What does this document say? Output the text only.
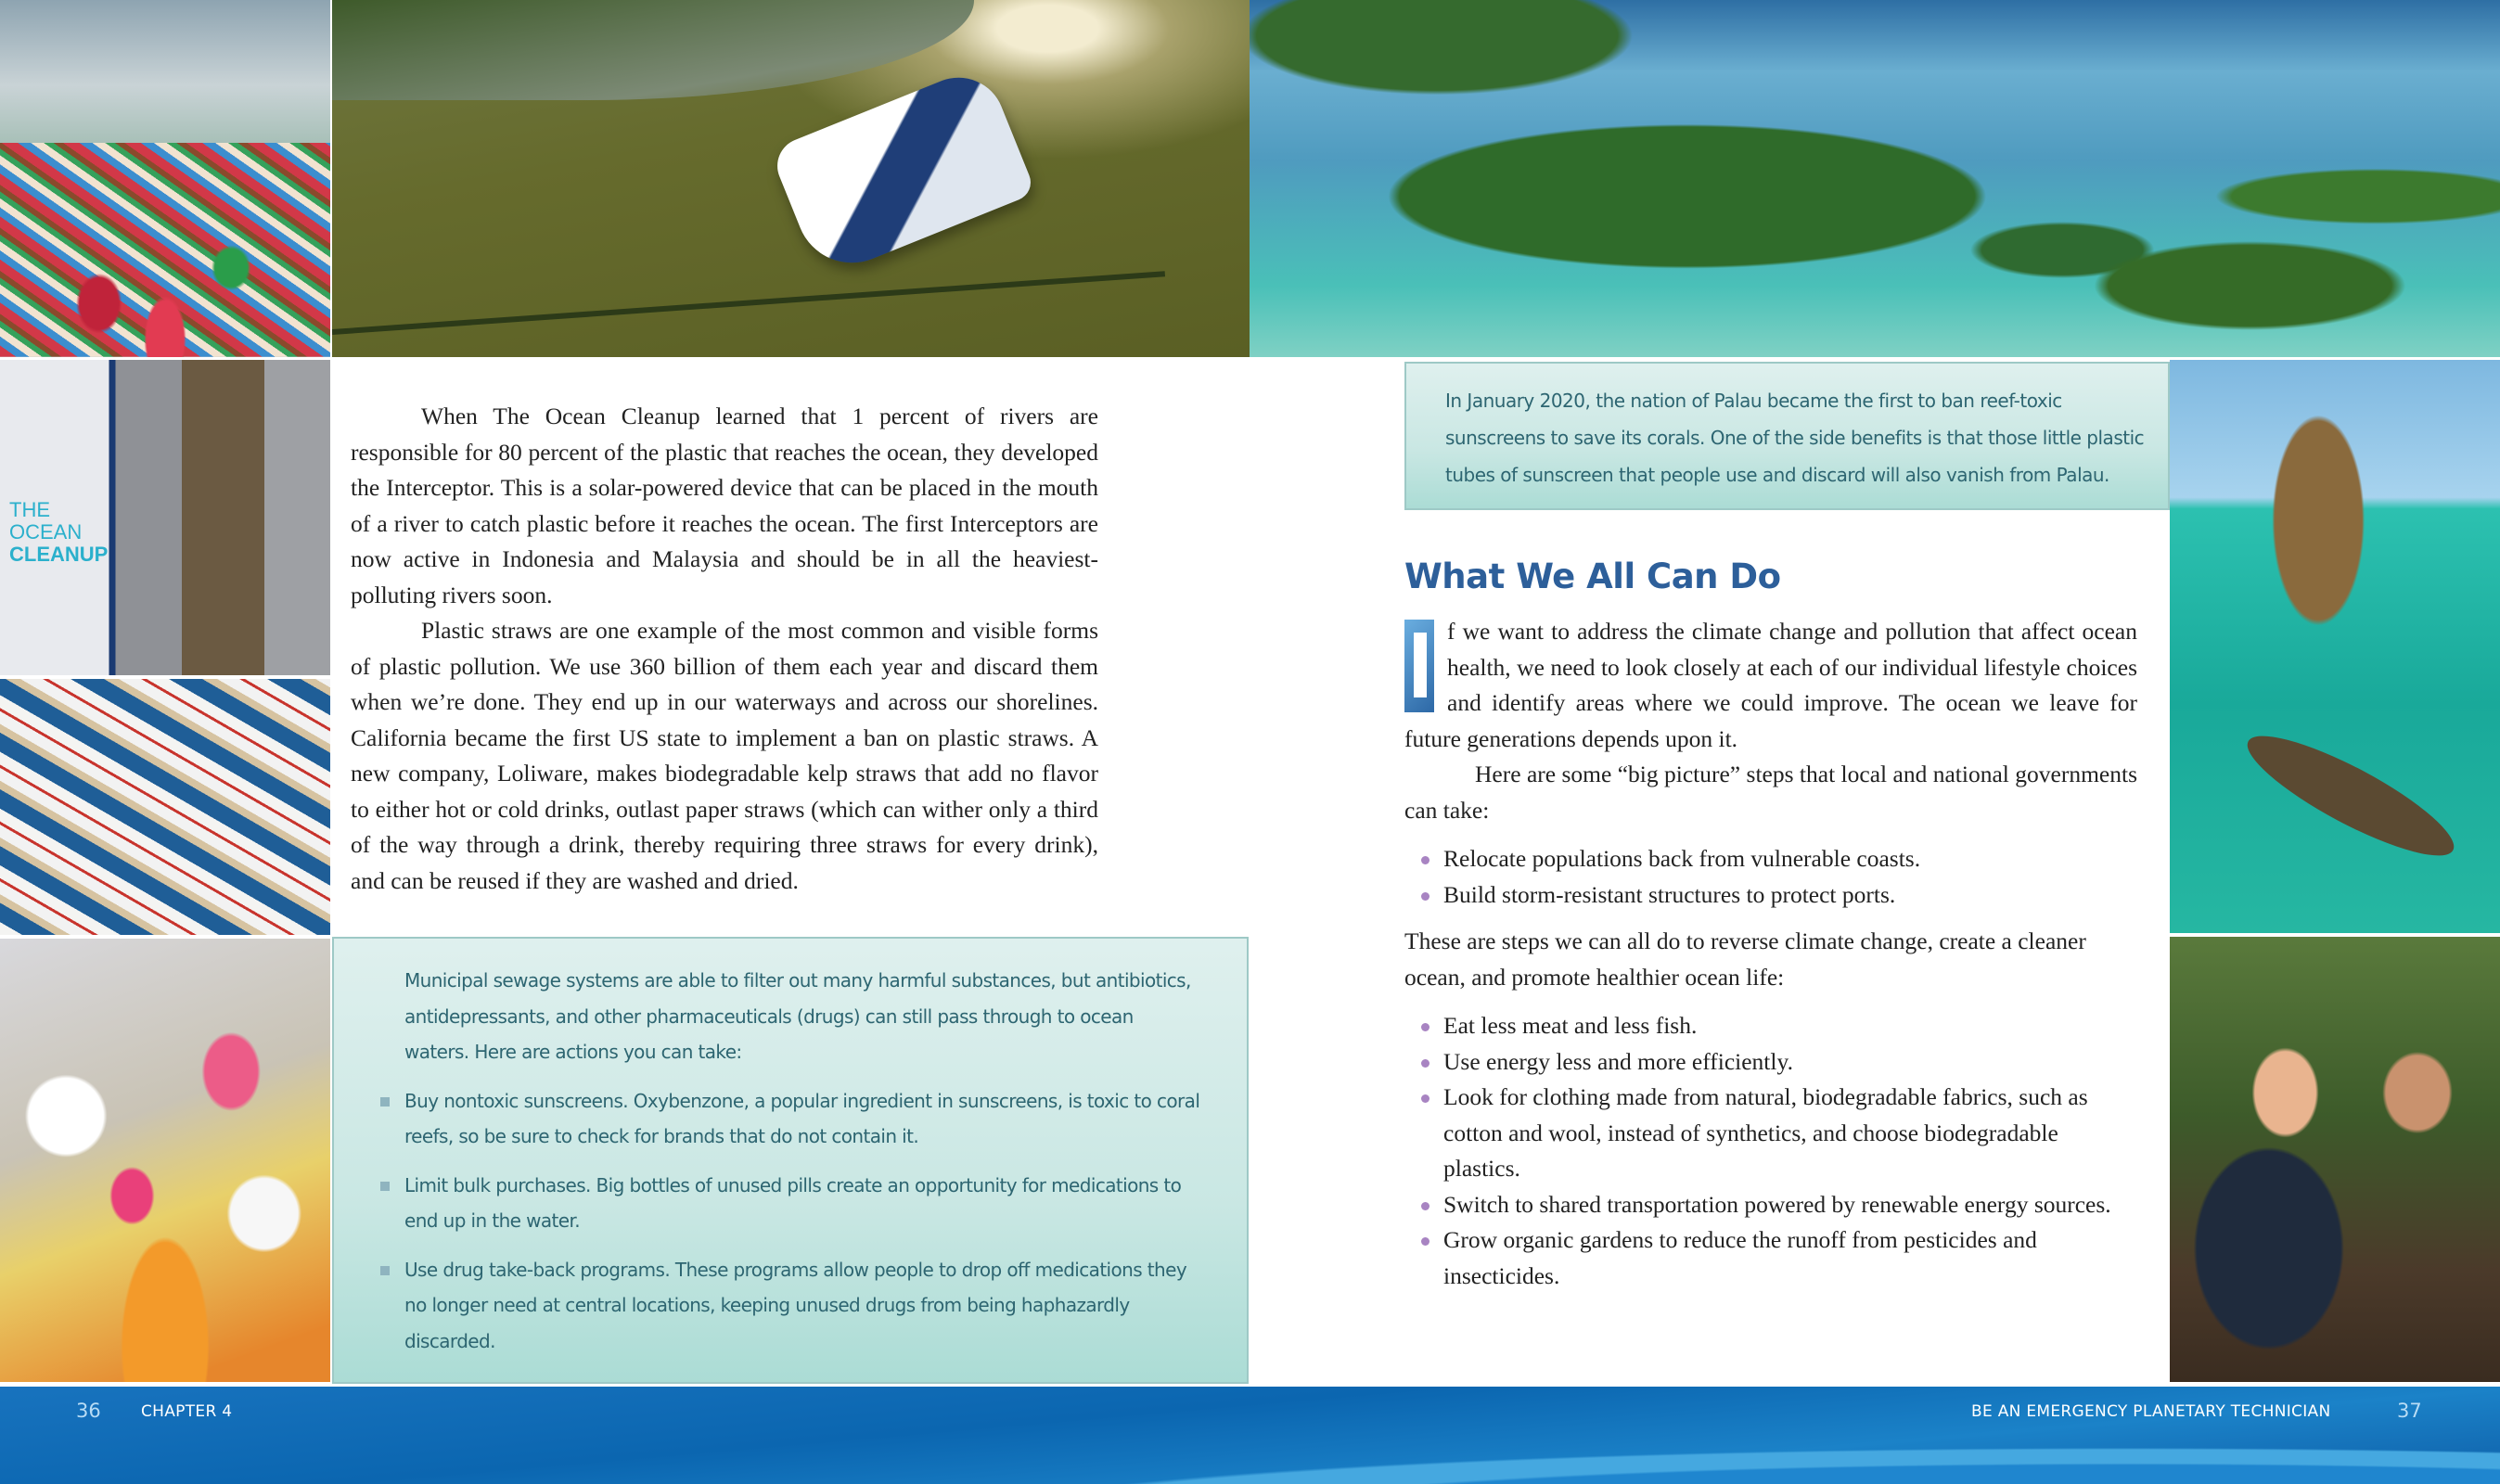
THE OCEAN
CLEANUP

When The Ocean Cleanup learned that 1 percent of rivers are responsible for 80 percent of the plastic that reaches the ocean, they developed the Interceptor. This is a solar-powered device that can be placed in the mouth of a river to catch plastic before it reaches the ocean. The first Interceptors are now active in Indonesia and Malaysia and should be in all the heaviest-polluting rivers soon.

Plastic straws are one example of the most common and visible forms of plastic pollution. We use 360 billion of them each year and discard them when we’re done. They end up in our waterways and across our shorelines. California became the first US state to implement a ban on plastic straws. A new company, Loliware, makes biodegradable kelp straws that add no flavor to either hot or cold drinks, outlast paper straws (which can wither only a third of the way through a drink, thereby requiring three straws for every drink), and can be reused if they are washed and dried.

Municipal sewage systems are able to filter out many harmful substances, but antibiotics, antidepressants, and other pharmaceuticals (drugs) can still pass through to ocean waters. Here are actions you can take:

Buy nontoxic sunscreens. Oxybenzone, a popular ingredient in sunscreens, is toxic to coral reefs, so be sure to check for brands that do not contain it.
Limit bulk purchases. Big bottles of unused pills create an opportunity for medications to end up in the water.
Use drug take-back programs. These programs allow people to drop off medications they no longer need at central locations, keeping unused drugs from being haphazardly discarded.

In January 2020, the nation of Palau became the first to ban reef-toxic sunscreens to save its corals. One of the side benefits is that those little plastic tubes of sunscreen that people use and discard will also vanish from Palau.

What We All Can Do

f we want to address the climate change and pollution that affect ocean health, we need to look closely at each of our individual lifestyle choices and identify areas where we could improve. The ocean we leave for future generations depends upon it.

Here are some “big picture” steps that local and national governments can take:

Relocate populations back from vulnerable coasts.
Build storm-resistant structures to protect ports.

These are steps we can all do to reverse climate change, create a cleaner ocean, and promote healthier ocean life:

Eat less meat and less fish.
Use energy less and more efficiently.
Look for clothing made from natural, biodegradable fabrics, such as cotton and wool, instead of synthetics, and choose biodegradable plastics.
Switch to shared transportation powered by renewable energy sources.
Grow organic gardens to reduce the runoff from pesticides and insecticides.
36	CHAPTER 4	BE AN EMERGENCY PLANETARY TECHNICIAN	37
